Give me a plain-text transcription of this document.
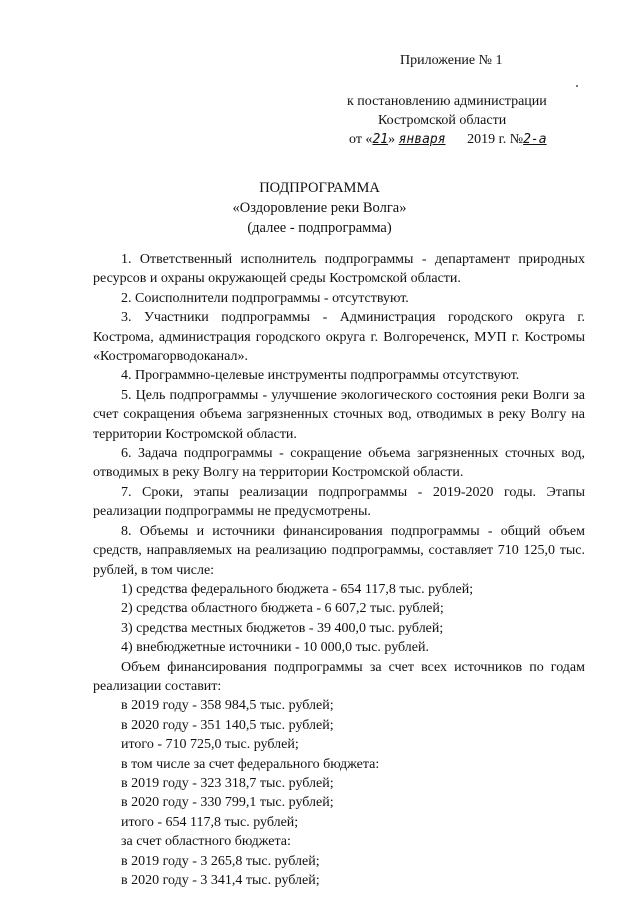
Приложение № 1
к постановлению администрации
Костромской области
от «21» января 2019 г. №2-а
ПОДПРОГРАММА
«Оздоровление реки Волга»
(далее - подпрограмма)

1. Ответственный исполнитель подпрограммы - департамент природных ресурсов и охраны окружающей среды Костромской области.

2. Соисполнители подпрограммы - отсутствуют.

3. Участники подпрограммы - Администрация городского округа г. Кострома, администрация городского округа г. Волгореченск, МУП г. Костромы «Костромагорводоканал».

4. Программно-целевые инструменты подпрограммы отсутствуют.

5. Цель подпрограммы - улучшение экологического состояния реки Волги за счет сокращения объема загрязненных сточных вод, отводимых в реку Волгу на территории Костромской области.

6. Задача подпрограммы - сокращение объема загрязненных сточных вод, отводимых в реку Волгу на территории Костромской области.

7. Сроки, этапы реализации подпрограммы - 2019-2020 годы. Этапы реализации подпрограммы не предусмотрены.

8. Объемы и источники финансирования подпрограммы - общий объем средств, направляемых на реализацию подпрограммы, составляет 710 125,0 тыс. рублей, в том числе:

1) средства федерального бюджета - 654 117,8 тыс. рублей;

2) средства областного бюджета - 6 607,2 тыс. рублей;

3) средства местных бюджетов - 39 400,0 тыс. рублей;

4) внебюджетные источники - 10 000,0 тыс. рублей.

Объем финансирования подпрограммы за счет всех источников по годам реализации составит:

в 2019 году - 358 984,5 тыс. рублей;

в 2020 году - 351 140,5 тыс. рублей;

итого - 710 725,0 тыс. рублей;

в том числе за счет федерального бюджета:

в 2019 году - 323 318,7 тыс. рублей;

в 2020 году - 330 799,1 тыс. рублей;

итого - 654 117,8 тыс. рублей;

за счет областного бюджета:

в 2019 году - 3 265,8 тыс. рублей;

в 2020 году - 3 341,4 тыс. рублей;
